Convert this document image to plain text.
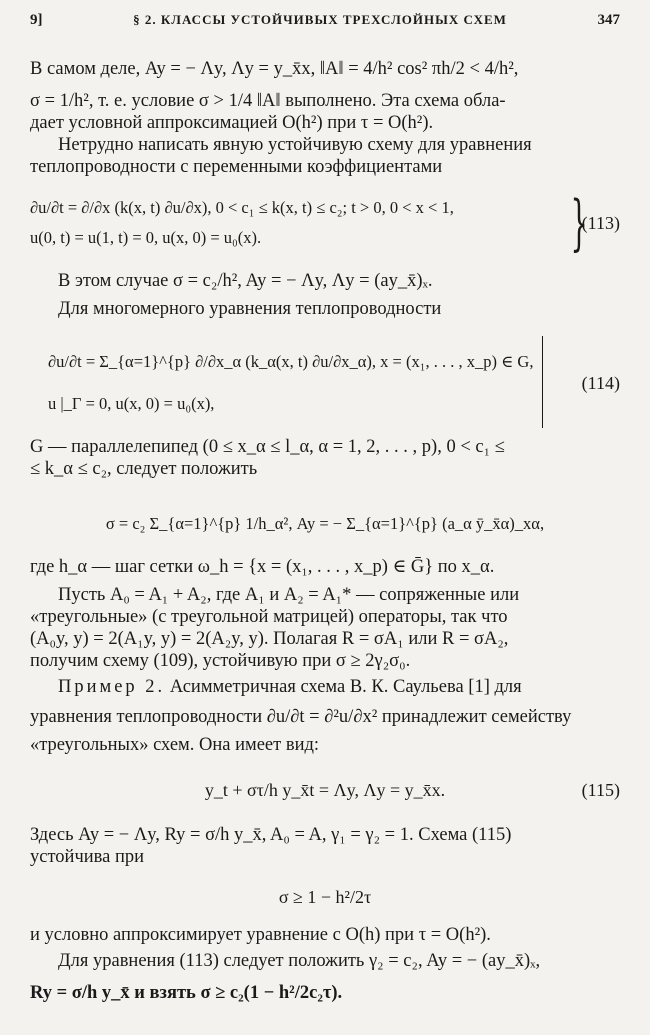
9]	§ 2. КЛАССЫ УСТОЙЧИВЫХ ТРЕХСЛОЙНЫХ СХЕМ	347
В самом деле, Ay = − Λy, Λy = y_x̄x, ‖A‖ = 4/h² cos² πh/2 < 4/h²,
σ = 1/h², т. е. условие σ > 1/4 ‖A‖ выполнено. Эта схема обла-
дает условной аппроксимацией O(h²) при τ = O(h²).
Нетрудно написать явную устойчивую схему для уравнения
теплопроводности с переменными коэффициентами
∂u/∂t = ∂/∂x (k(x, t) ∂u/∂x), 0 < c₁ ≤ k(x, t) ≤ c₂; t > 0, 0 < x < 1,
u(0, t) = u(1, t) = 0, u(x, 0) = u₀(x).	}
(113)
В этом случае σ = c₂/h², Ay = − Λy, Λy = (ay_x̄)ₓ.
Для многомерного уравнения теплопроводности
∂u/∂t = Σ_{α=1}^{p} ∂/∂x_α (k_α(x, t) ∂u/∂x_α), x = (x₁, . . . , x_p) ∈ G,
u |_Γ = 0, u(x, 0) = u₀(x),
(114)
G — параллелепипед (0 ≤ x_α ≤ l_α, α = 1, 2, . . . , p), 0 < c₁ ≤
≤ k_α ≤ c₂, следует положить
σ = c₂ Σ_{α=1}^{p} 1/h_α², Ay = − Σ_{α=1}^{p} (a_α ȳ_x̄α)_xα,
где h_α — шаг сетки ω_h = {x = (x₁, . . . , x_p) ∈ Ḡ} по x_α.
Пусть A₀ = A₁ + A₂, где A₁ и A₂ = A₁* — сопряженные или
«треугольные» (с треугольной матрицей) операторы, так что
(A₀y, y) = 2(A₁y, y) = 2(A₂y, y). Полагая R = σA₁ или R = σA₂,
получим схему (109), устойчивую при σ ≥ 2γ₂σ₀.
Пример 2. Асимметричная схема В. К. Саульева [1] для
уравнения теплопроводности ∂u/∂t = ∂²u/∂x² принадлежит семейству
«треугольных» схем. Она имеет вид:
y_t + στ/h y_x̄t = Λy, Λy = y_x̄x.	(115)
Здесь Ay = − Λy, Ry = σ/h y_x̄, A₀ = A, γ₁ = γ₂ = 1. Схема (115)
устойчива при
σ ≥ 1 − h²/2τ
и условно аппроксимирует уравнение с O(h) при τ = O(h²).
Для уравнения (113) следует положить γ₂ = c₂, Ay = − (ay_x̄)ₓ,
Ry = σ/h y_x̄ и взять σ ≥ c₂(1 − h²/2c₂τ).
